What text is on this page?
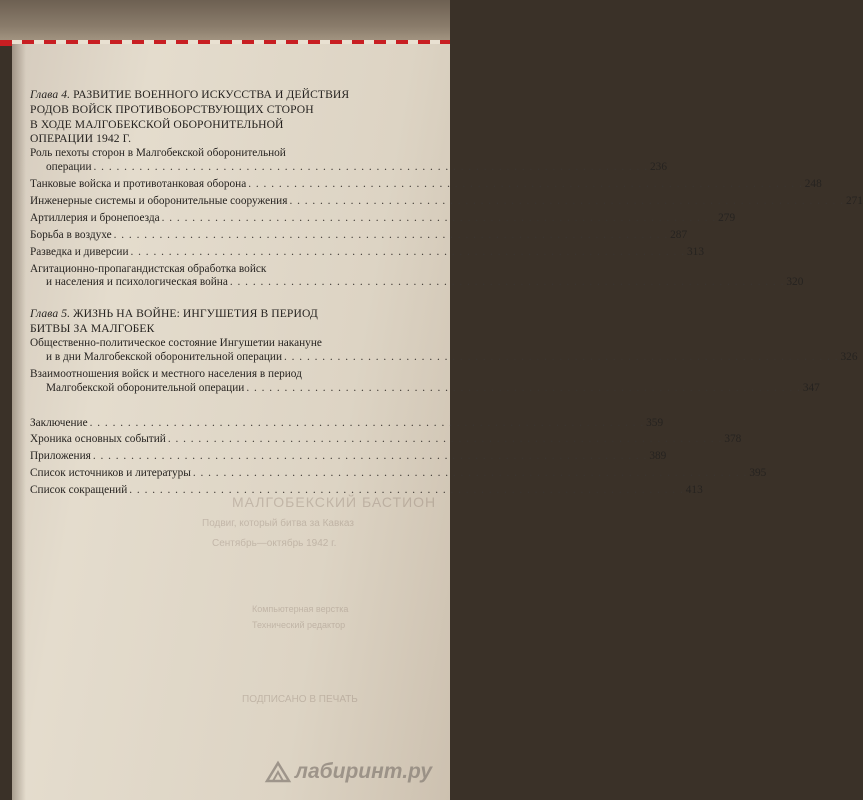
МАЛГОБЕКСКИЙ БАСТИОН
Подвиг, который битва за Кавказ
Сентябрь—октябрь 1942 г.
Компьютерная верстка
Технический редактор
ПОДПИСАНО В ПЕЧАТЬ
Глава 4. РАЗВИТИЕ ВОЕННОГО ИСКУССТВА И ДЕЙСТВИЯ
РОДОВ ВОЙСК ПРОТИВОБОРСТВУЮЩИХ СТОРОН
В ХОДЕ МАЛГОБЕКСКОЙ ОБОРОНИТЕЛЬНОЙ
ОПЕРАЦИИ 1942 Г.
Роль пехоты сторон в Малгобекской оборонительной
операции . . . . . . . . . . . . . . . . . . . . . . . . . . . . . . . . . . . . . . . . . . . . . . . . . . . . . . . . . . . . . . . . . . . . . . . . . 236
Танковые войска и противотанковая оборона . . . . . . . . . . . . . . . . . . . . . . . . . . . . . . . . . . . . . . . . . . . . . . . . . . . . . . . . . . . . . . . . . . . . . . . . . 248
Инженерные системы и оборонительные сооружения . . . . . . . . . . . . . . . . . . . . . . . . . . . . . . . . . . . . . . . . . . . . . . . . . . . . . . . . . . . . . . . . . . . . . . . . . 271
Артиллерия и бронепоезда . . . . . . . . . . . . . . . . . . . . . . . . . . . . . . . . . . . . . . . . . . . . . . . . . . . . . . . . . . . . . . . . . . . . . . . . . 279
Борьба в воздухе . . . . . . . . . . . . . . . . . . . . . . . . . . . . . . . . . . . . . . . . . . . . . . . . . . . . . . . . . . . . . . . . . . . . . . . . . 287
Разведка и диверсии . . . . . . . . . . . . . . . . . . . . . . . . . . . . . . . . . . . . . . . . . . . . . . . . . . . . . . . . . . . . . . . . . . . . . . . . . 313
Агитационно-пропагандистская обработка войск
и населения и психологическая война . . . . . . . . . . . . . . . . . . . . . . . . . . . . . . . . . . . . . . . . . . . . . . . . . . . . . . . . . . . . . . . . . . . . . . . . . 320
Глава 5. ЖИЗНЬ НА ВОЙНЕ: ИНГУШЕТИЯ В ПЕРИОД
БИТВЫ ЗА МАЛГОБЕК
Общественно-политическое состояние Ингушетии накануне
и в дни Малгобекской оборонительной операции . . . . . . . . . . . . . . . . . . . . . . . . . . . . . . . . . . . . . . . . . . . . . . . . . . . . . . . . . . . . . . . . . . . . . . . . . 326
Взаимоотношения войск и местного населения в период
Малгобекской оборонительной операции . . . . . . . . . . . . . . . . . . . . . . . . . . . . . . . . . . . . . . . . . . . . . . . . . . . . . . . . . . . . . . . . . . . . . . . . . 347
Заключение . . . . . . . . . . . . . . . . . . . . . . . . . . . . . . . . . . . . . . . . . . . . . . . . . . . . . . . . . . . . . . . . . . . . . . . . . 359
Хроника основных событий . . . . . . . . . . . . . . . . . . . . . . . . . . . . . . . . . . . . . . . . . . . . . . . . . . . . . . . . . . . . . . . . . . . . . . . . . 378
Приложения . . . . . . . . . . . . . . . . . . . . . . . . . . . . . . . . . . . . . . . . . . . . . . . . . . . . . . . . . . . . . . . . . . . . . . . . . 389
Список источников и литературы . . . . . . . . . . . . . . . . . . . . . . . . . . . . . . . . . . . . . . . . . . . . . . . . . . . . . . . . . . . . . . . . . . . . . . . . . 395
Список сокращений . . . . . . . . . . . . . . . . . . . . . . . . . . . . . . . . . . . . . . . . . . . . . . . . . . . . . . . . . . . . . . . . . . . . . . . . . 413
лабиринт.ру
